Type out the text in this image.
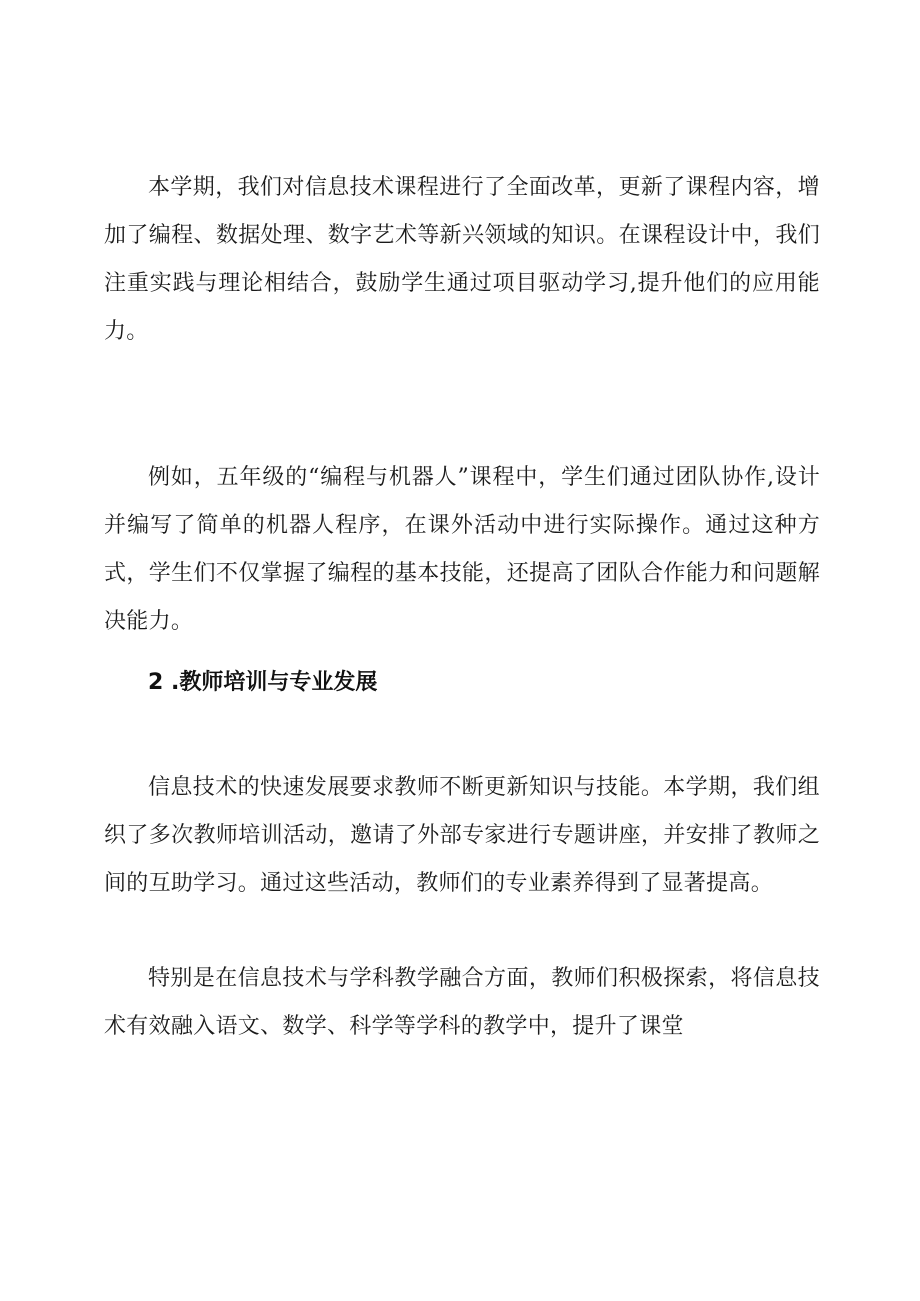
本学期，我们对信息技术课程进行了全面改革，更新了课程内容，增加了编程、数据处理、数字艺术等新兴领域的知识。在课程设计中，我们注重实践与理论相结合，鼓励学生通过项目驱动学习,提升他们的应用能力。

例如，五年级的“编程与机器人”课程中，学生们通过团队协作,设计并编写了简单的机器人程序，在课外活动中进行实际操作。通过这种方式，学生们不仅掌握了编程的基本技能，还提高了团队合作能力和问题解决能力。

2 .教师培训与专业发展

信息技术的快速发展要求教师不断更新知识与技能。本学期，我们组织了多次教师培训活动，邀请了外部专家进行专题讲座，并安排了教师之间的互助学习。通过这些活动，教师们的专业素养得到了显著提高。

特别是在信息技术与学科教学融合方面，教师们积极探索，将信息技术有效融入语文、数学、科学等学科的教学中，提升了课堂
